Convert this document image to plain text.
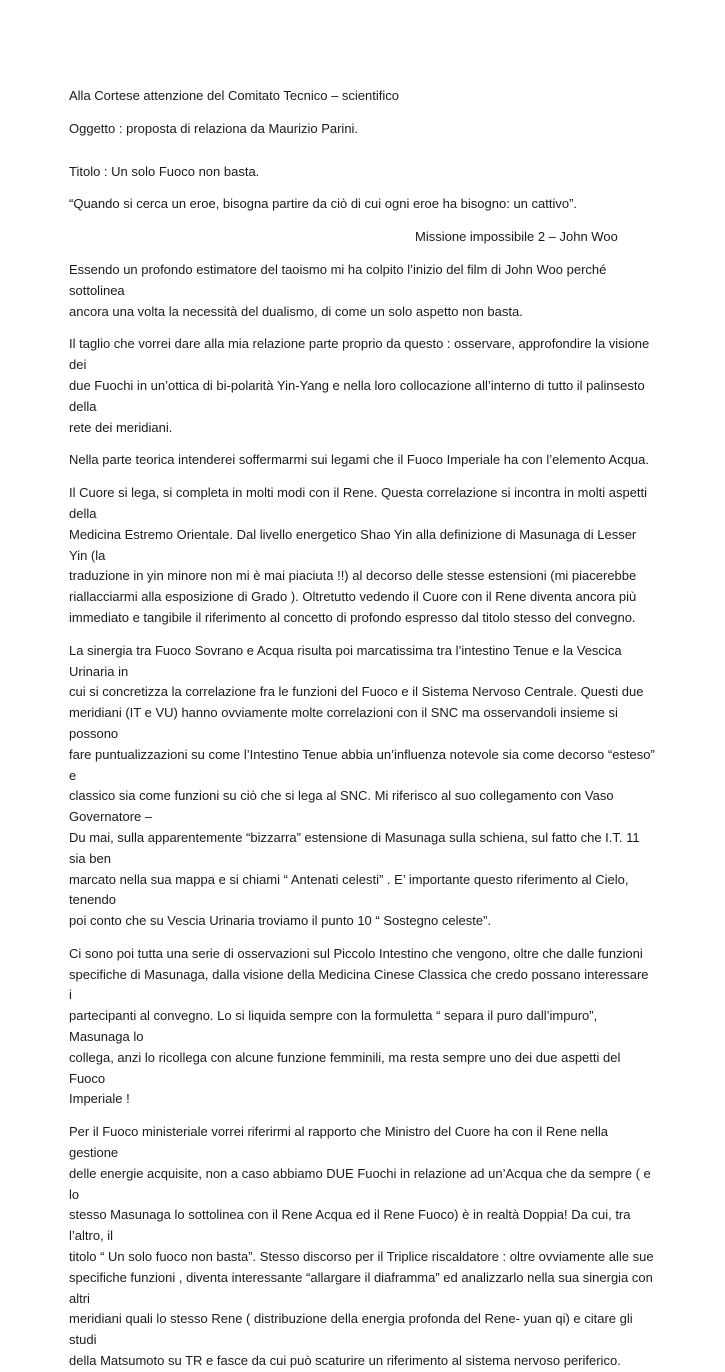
Alla Cortese attenzione del Comitato Tecnico – scientifico

Oggetto : proposta di relaziona da Maurizio Parini.

Titolo : Un solo Fuoco non basta.

“Quando si cerca un eroe, bisogna partire da ciò di cui ogni eroe ha bisogno: un cattivo”.

Missione impossibile 2 – John Woo

Essendo un profondo estimatore del taoismo mi ha colpito l’inizio del film di John Woo perché sottolinea
ancora una volta la necessità del dualismo, di come un solo aspetto non basta.

Il taglio che vorrei dare alla mia relazione parte proprio da questo : osservare, approfondire la visione dei
due Fuochi in un’ottica di bi-polarità Yin-Yang e nella loro collocazione all’interno di tutto il palinsesto della
rete dei meridiani.

Nella parte teorica intenderei soffermarmi sui legami che il Fuoco Imperiale ha con l’elemento Acqua.

Il Cuore si lega, si completa in molti modi con il Rene. Questa correlazione si incontra in molti aspetti della
Medicina Estremo Orientale. Dal livello energetico Shao Yin alla definizione di Masunaga di Lesser Yin (la
traduzione in yin minore non mi è mai piaciuta !!) al decorso delle stesse estensioni (mi piacerebbe
riallacciarmi alla esposizione di Grado ). Oltretutto vedendo il Cuore con il Rene diventa ancora più
immediato e tangibile il riferimento al concetto di profondo espresso dal titolo stesso del convegno.

La sinergia tra Fuoco Sovrano e Acqua risulta poi marcatissima tra l’intestino Tenue e la Vescica Urinaria in
cui si concretizza la correlazione fra le funzioni del Fuoco e il Sistema Nervoso Centrale. Questi due
meridiani (IT e VU) hanno ovviamente molte correlazioni con il SNC ma osservandoli insieme si possono
fare puntualizzazioni su come l’Intestino Tenue abbia un’influenza notevole sia come decorso “esteso” e
classico sia come funzioni su ciò che si lega al SNC. Mi riferisco al suo collegamento con Vaso Governatore –
Du mai, sulla apparentemente “bizzarra” estensione di Masunaga sulla schiena, sul fatto che I.T. 11 sia ben
marcato nella sua mappa e si chiami “ Antenati celesti” . E’ importante questo riferimento al Cielo, tenendo
poi conto che su Vescia Urinaria troviamo il punto 10 “ Sostegno celeste”.

Ci sono poi tutta una serie di osservazioni sul Piccolo Intestino che vengono, oltre che dalle funzioni
specifiche di Masunaga, dalla visione della Medicina Cinese Classica che credo possano interessare i
partecipanti al convegno. Lo si liquida sempre con la formuletta “ separa il puro dall’impuro”, Masunaga lo
collega, anzi lo ricollega con alcune funzione femminili, ma resta sempre uno dei due aspetti del Fuoco
Imperiale !

Per il Fuoco ministeriale vorrei riferirmi al rapporto che Ministro del Cuore ha con il Rene nella gestione
delle energie acquisite, non a caso abbiamo DUE Fuochi in relazione ad un’Acqua che da sempre ( e lo
stesso Masunaga lo sottolinea con il Rene Acqua ed il Rene Fuoco) è in realtà Doppia! Da cui, tra l’altro, il
titolo “ Un solo fuoco non basta”. Stesso discorso per il Triplice riscaldatore : oltre ovviamente alle sue
specifiche funzioni , diventa interessante “allargare il diaframma” ed analizzarlo nella sua sinergia con altri
meridiani quali lo stesso Rene ( distribuzione della energia profonda del Rene- yuan qi) e citare gli studi
della Matsumoto su TR e fasce da cui può scaturire un riferimento al sistema nervoso periferico.
